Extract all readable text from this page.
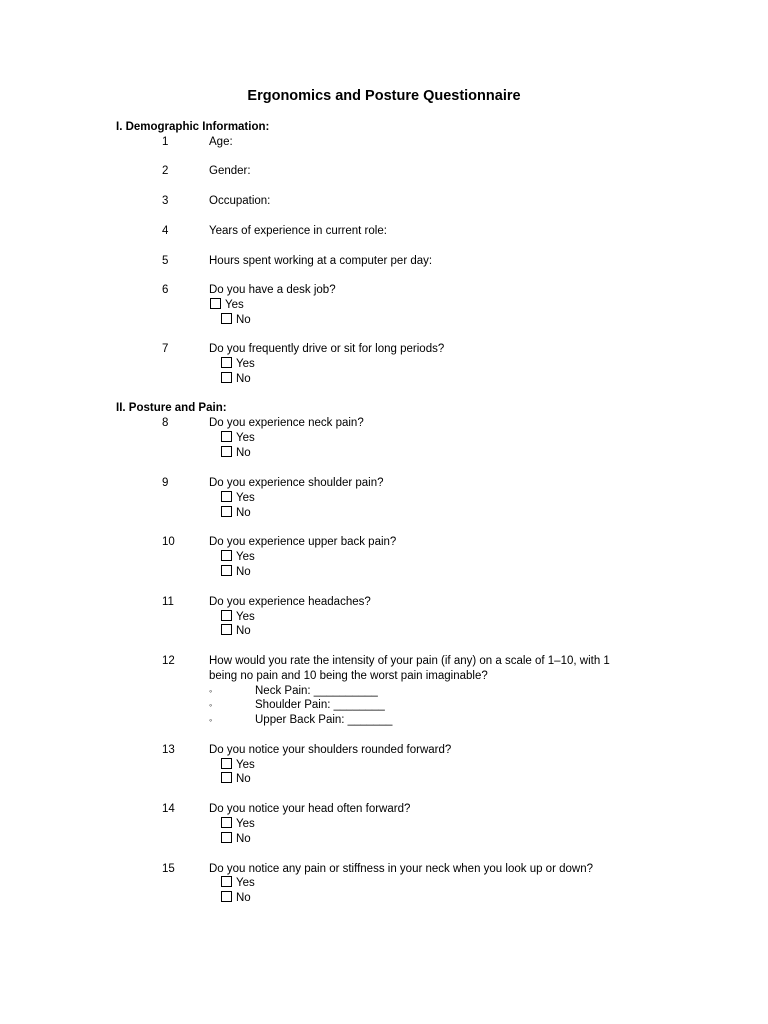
Ergonomics and Posture Questionnaire
I. Demographic Information:
1	Age:
2	Gender:
3	Occupation:
4	Years of experience in current role:
5	Hours spent working at a computer per day:
6	Do you have a desk job?
Yes
No
7	Do you frequently drive or sit for long periods?
Yes
No
II. Posture and Pain:
8	Do you experience neck pain?
Yes
No
9	Do you experience shoulder pain?
Yes
No
10	Do you experience upper back pain?
Yes
No
11	Do you experience headaches?
Yes
No
12	How would you rate the intensity of your pain (if any) on a scale of 1–10, with 1 being no pain and 10 being the worst pain imaginable?
◦	Neck Pain: __________
◦	Shoulder Pain: ________
◦	Upper Back Pain: _______
13	Do you notice your shoulders rounded forward?
Yes
No
14	Do you notice your head often forward?
Yes
No
15	Do you notice any pain or stiffness in your neck when you look up or down?
Yes
No
